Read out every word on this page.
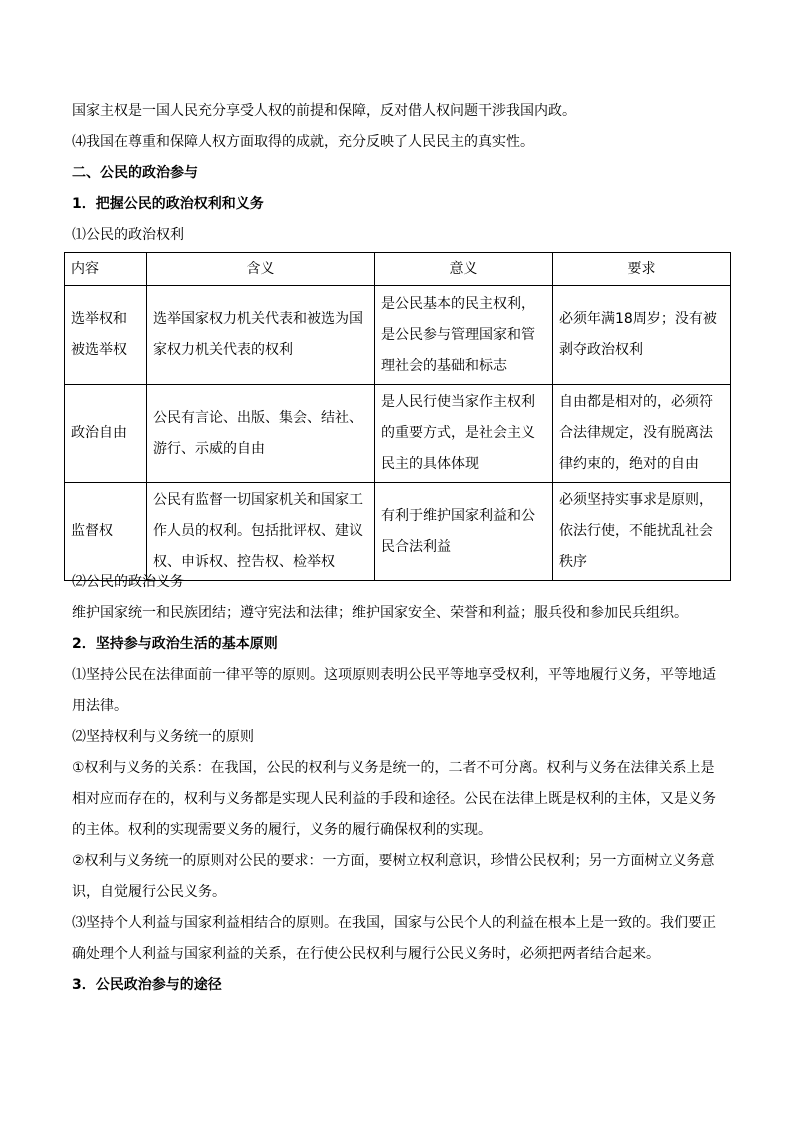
国家主权是一国人民充分享受人权的前提和保障，反对借人权问题干涉我国内政。
⑷我国在尊重和保障人权方面取得的成就，充分反映了人民民主的真实性。
二、公民的政治参与
1．把握公民的政治权利和义务
⑴公民的政治权利
内容	含义	意义	要求

选举权和被选举权	选举国家权力机关代表和被选为国家权力机关代表的权利	是公民基本的民主权利，是公民参与管理国家和管理社会的基础和标志	必须年满18周岁；没有被剥夺政治权利

政治自由	公民有言论、出版、集会、结社、游行、示威的自由	是人民行使当家作主权利的重要方式，是社会主义民主的具体体现	自由都是相对的，必须符合法律规定，没有脱离法律约束的，绝对的自由

监督权	公民有监督一切国家机关和国家工作人员的权利。包括批评权、建议权、申诉权、控告权、检举权	有利于维护国家利益和公民合法利益	必须坚持实事求是原则，依法行使，不能扰乱社会秩序
⑵公民的政治义务
维护国家统一和民族团结；遵守宪法和法律；维护国家安全、荣誉和利益；服兵役和参加民兵组织。
2．坚持参与政治生活的基本原则
⑴坚持公民在法律面前一律平等的原则。这项原则表明公民平等地享受权利，平等地履行义务，平等地适
用法律。
⑵坚持权利与义务统一的原则
①权利与义务的关系：在我国，公民的权利与义务是统一的，二者不可分离。权利与义务在法律关系上是
相对应而存在的，权利与义务都是实现人民利益的手段和途径。公民在法律上既是权利的主体，又是义务
的主体。权利的实现需要义务的履行，义务的履行确保权利的实现。
②权利与义务统一的原则对公民的要求：一方面，要树立权利意识，珍惜公民权利；另一方面树立义务意
识，自觉履行公民义务。
⑶坚持个人利益与国家利益相结合的原则。在我国，国家与公民个人的利益在根本上是一致的。我们要正
确处理个人利益与国家利益的关系，在行使公民权利与履行公民义务时，必须把两者结合起来。
3．公民政治参与的途径
